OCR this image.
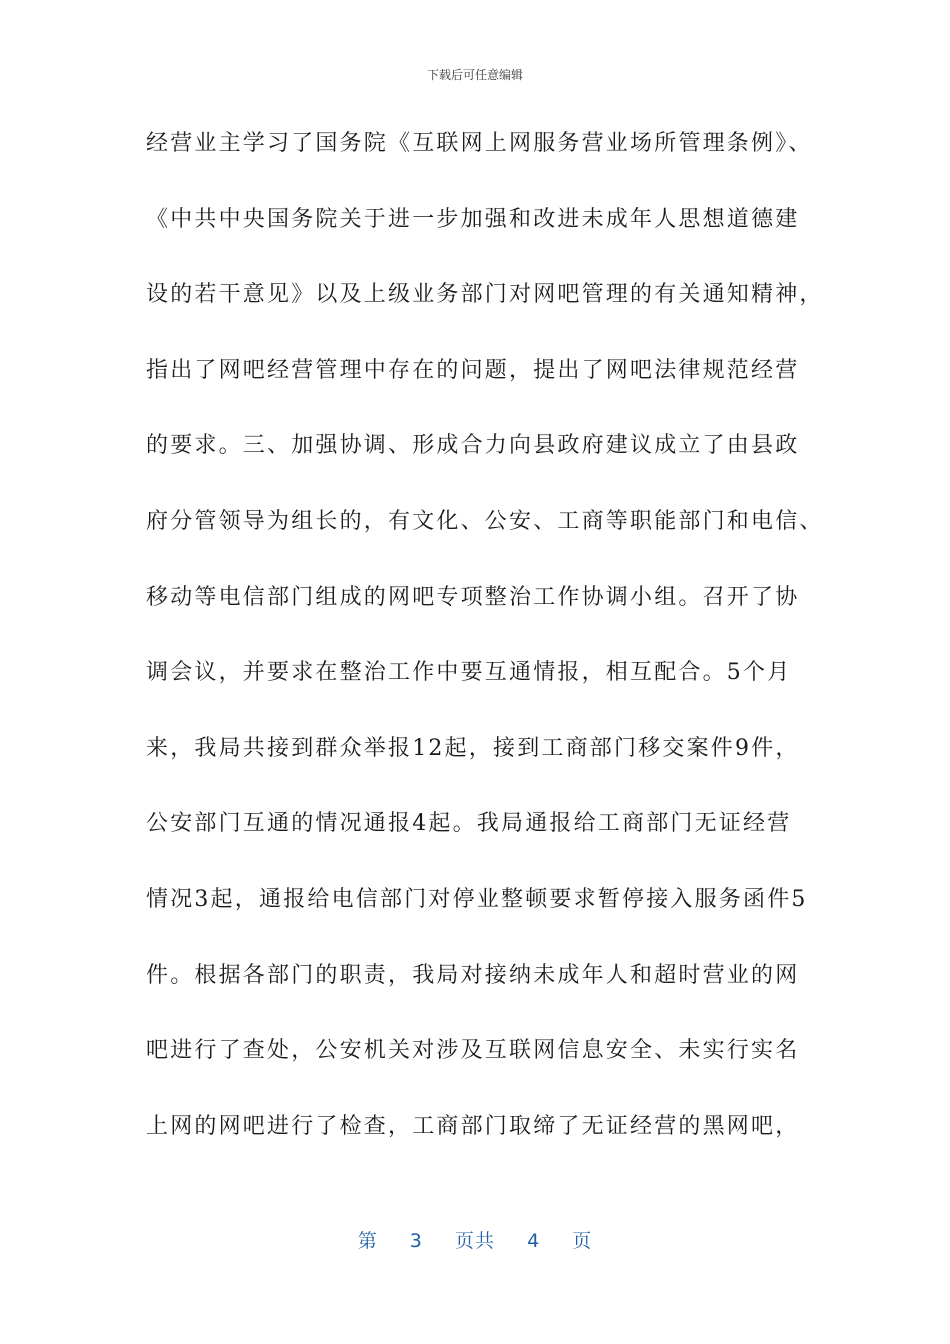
下载后可任意编辑
经营业主学习了国务院《互联网上网服务营业场所管理条例》、
《中共中央国务院关于进一步加强和改进未成年人思想道德建
设的若干意见》以及上级业务部门对网吧管理的有关通知精神，
指出了网吧经营管理中存在的问题，提出了网吧法律规范经营
的要求。三、加强协调、形成合力向县政府建议成立了由县政
府分管领导为组长的，有文化、公安、工商等职能部门和电信、
移动等电信部门组成的网吧专项整治工作协调小组。召开了协
调会议，并要求在整治工作中要互通情报，相互配合。5个月
来，我局共接到群众举报12起，接到工商部门移交案件9件，
公安部门互通的情况通报4起。我局通报给工商部门无证经营
情况3起，通报给电信部门对停业整顿要求暂停接入服务函件5
件。根据各部门的职责，我局对接纳未成年人和超时营业的网
吧进行了查处，公安机关对涉及互联网信息安全、未实行实名
上网的网吧进行了检查，工商部门取缔了无证经营的黑网吧，
第 3 页共 4 页
